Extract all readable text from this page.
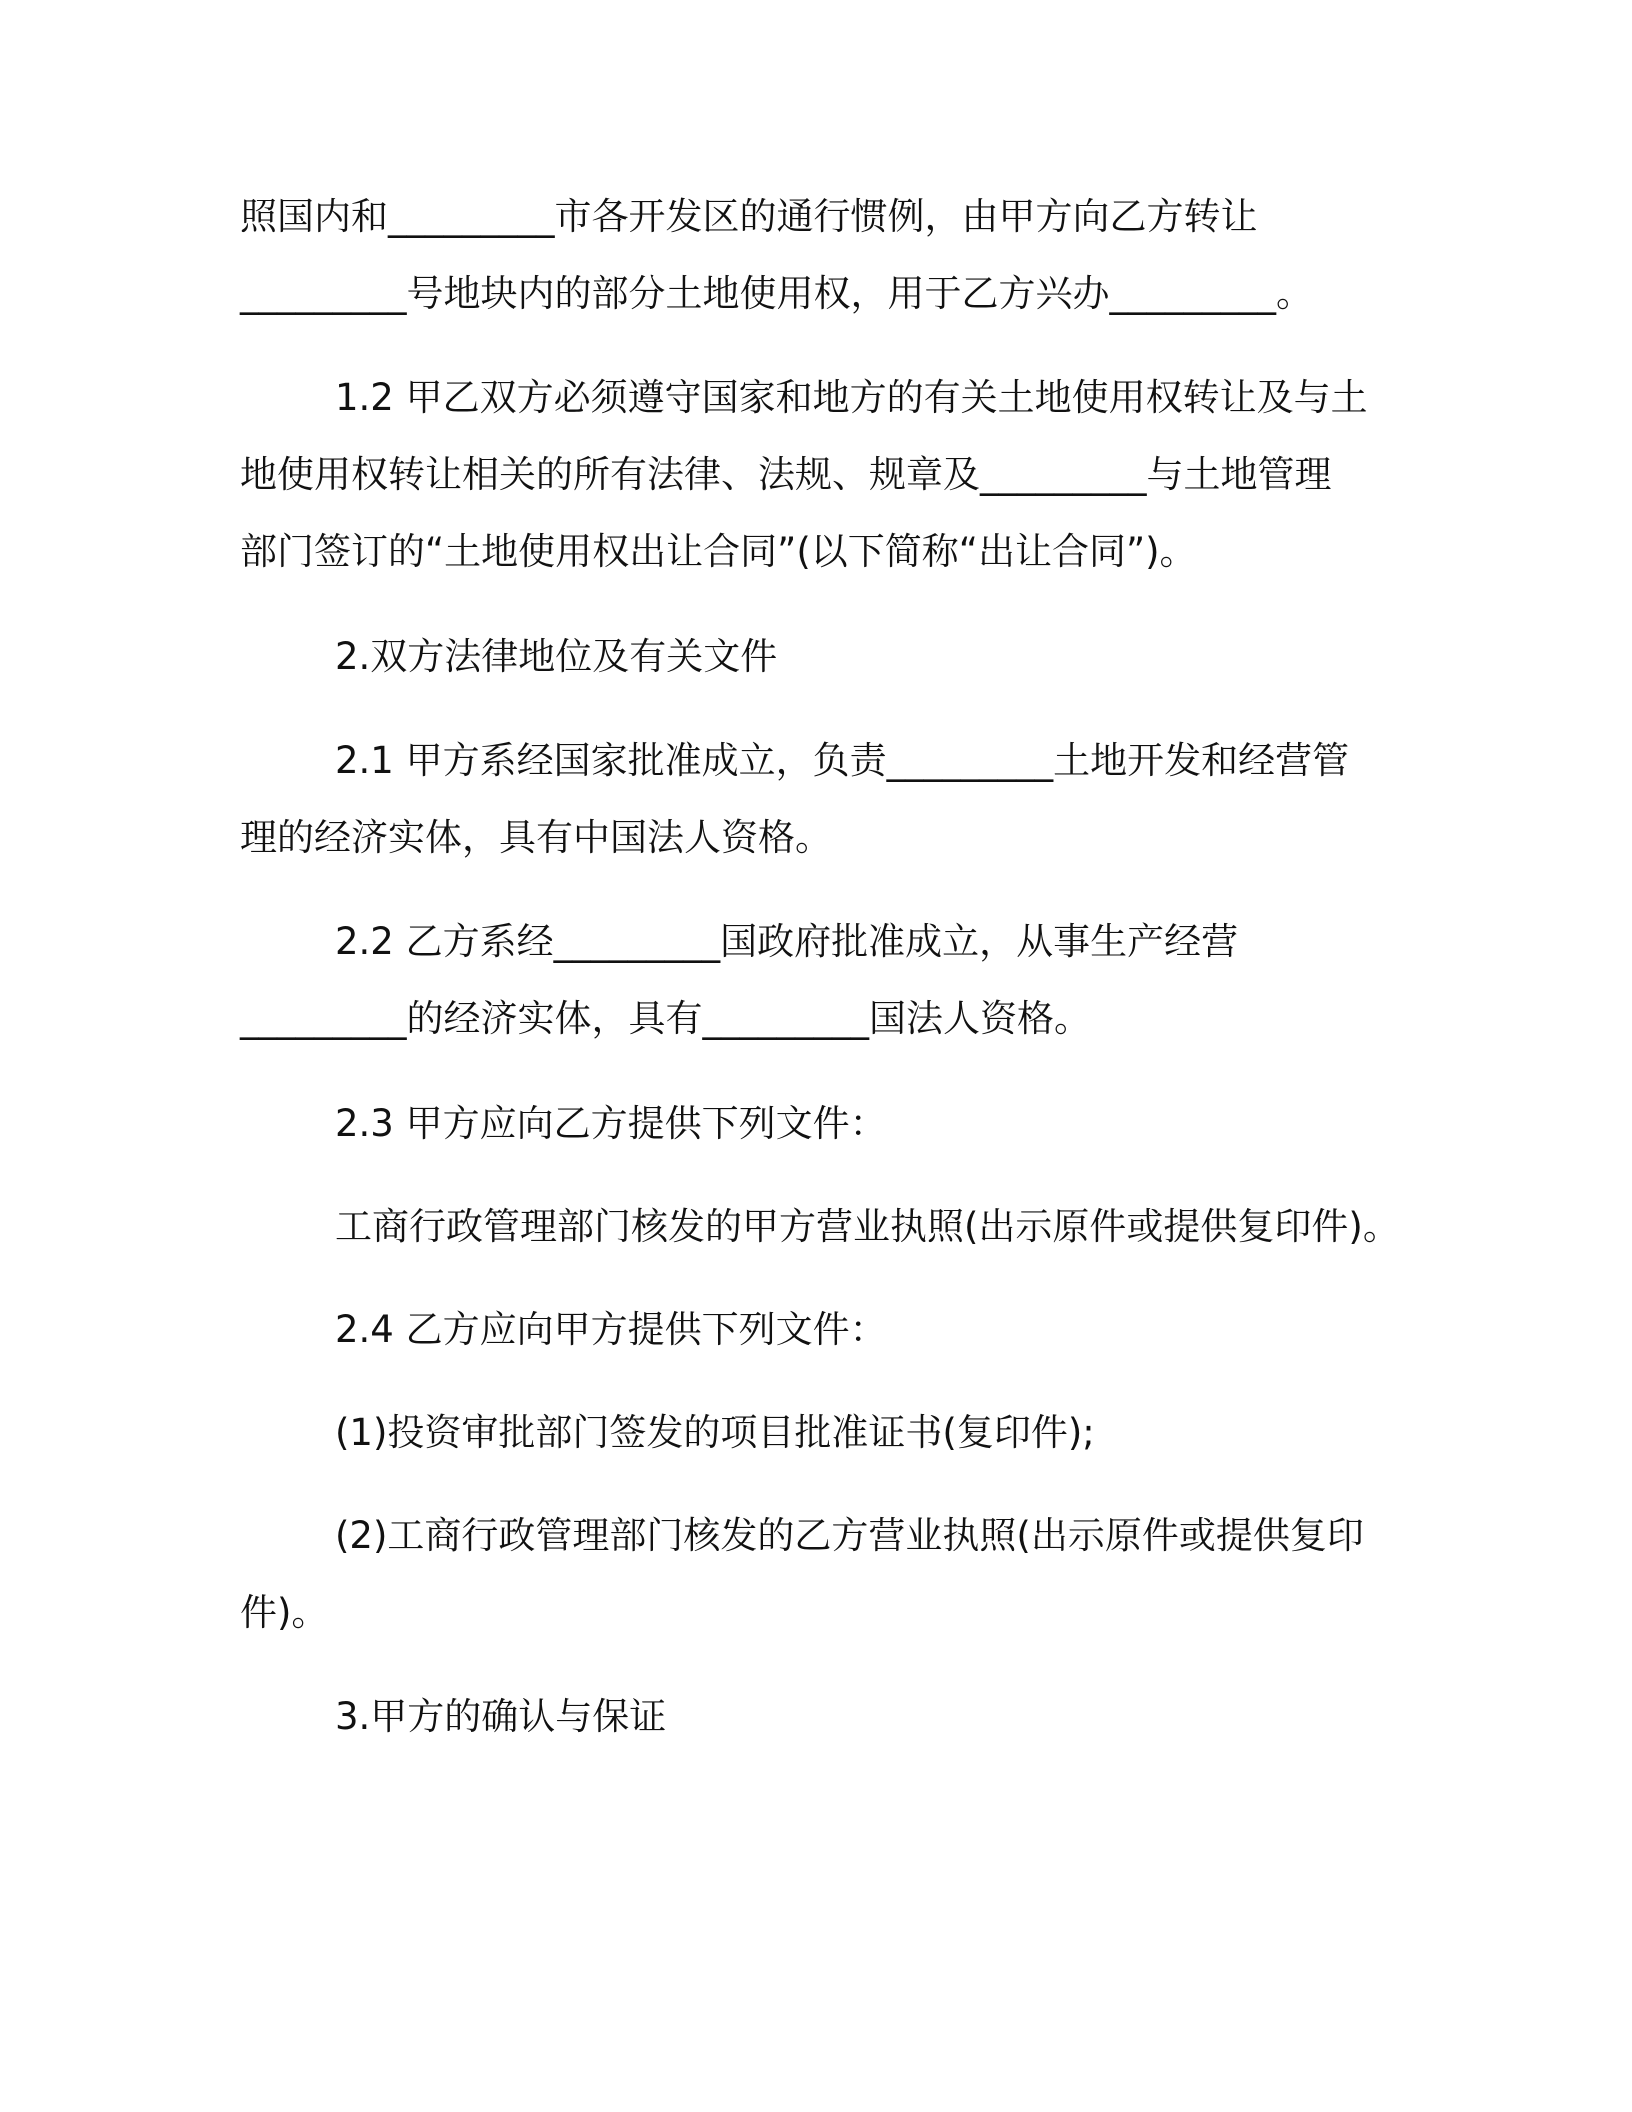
照国内和_________市各开发区的通行惯例，由甲方向乙方转让
_________号地块内的部分土地使用权，用于乙方兴办_________。
1.2 甲乙双方必须遵守国家和地方的有关土地使用权转让及与土
地使用权转让相关的所有法律、法规、规章及_________与土地管理
部门签订的“土地使用权出让合同”(以下简称“出让合同”)。
2.双方法律地位及有关文件
2.1 甲方系经国家批准成立，负责_________土地开发和经营管
理的经济实体，具有中国法人资格。
2.2 乙方系经_________国政府批准成立，从事生产经营
_________的经济实体，具有_________国法人资格。
2.3 甲方应向乙方提供下列文件：
工商行政管理部门核发的甲方营业执照(出示原件或提供复印件)。
2.4 乙方应向甲方提供下列文件：
(1)投资审批部门签发的项目批准证书(复印件);
(2)工商行政管理部门核发的乙方营业执照(出示原件或提供复印
件)。
3.甲方的确认与保证
